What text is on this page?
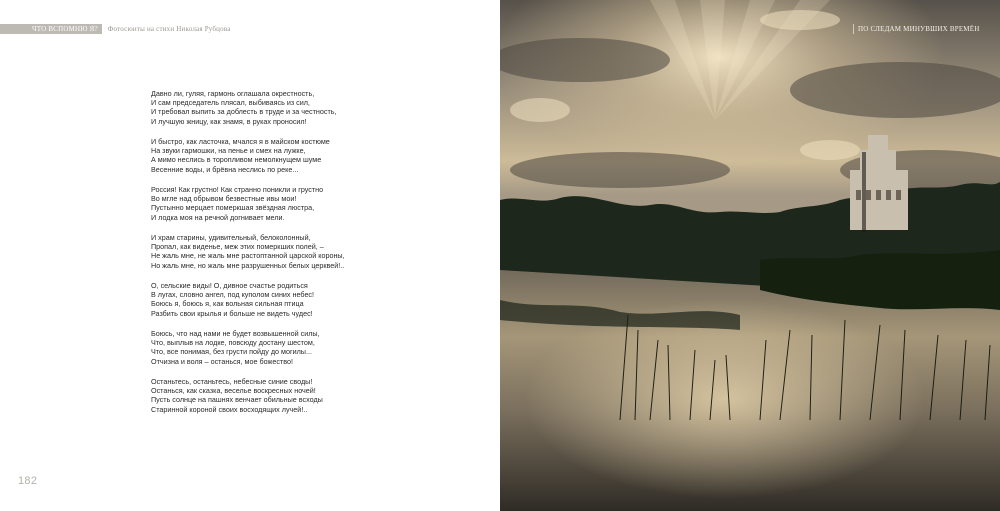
ЧТО ВСПОМНЮ Я?	Фотосюиты на стихи Николая Рубцова
Давно ли, гуляя, гармонь оглашала окрестность,
И сам председатель плясал, выбиваясь из сил,
И требовал выпить за доблесть в труде и за честность,
И лучшую жницу, как знамя, в руках проносил!
И быстро, как ласточка, мчался я в майском костюме
На звуки гармошки, на пенье и смех на лужке,
А мимо неслись в торопливом немолкнущем шуме
Весенние воды, и брёвна неслись по реке...
Россия! Как грустно! Как странно поникли и грустно
Во мгле над обрывом безвестные ивы мои!
Пустынно мерцает померкшая звёздная люстра,
И лодка моя на речной догнивает мели.
И храм старины, удивительный, белоколонный,
Пропал, как виденье, меж этих померкших полей, –
Не жаль мне, не жаль мне растоптанной царской короны,
Но жаль мне, но жаль мне разрушенных белых церквей!..
О, сельские виды! О, дивное счастье родиться
В лугах, словно ангел, под куполом синих небес!
Боюсь я, боюсь я, как вольная сильная птица
Разбить свои крылья и больше не видеть чудес!
Боюсь, что над нами не будет возвышенной силы,
Что, выплыв на лодке, повсюду достану шестом,
Что, все понимая, без грусти пойду до могилы...
Отчизна и воля – останься, мое божество!
Останьтесь, останьтесь, небесные синие своды!
Останься, как сказка, веселье воскресных ночей!
Пусть солнце на пашнях венчает обильные всходы
Старинной короной своих восходящих лучей!..
182
ПО СЛЕДАМ МИНУВШИХ ВРЕМЁН
